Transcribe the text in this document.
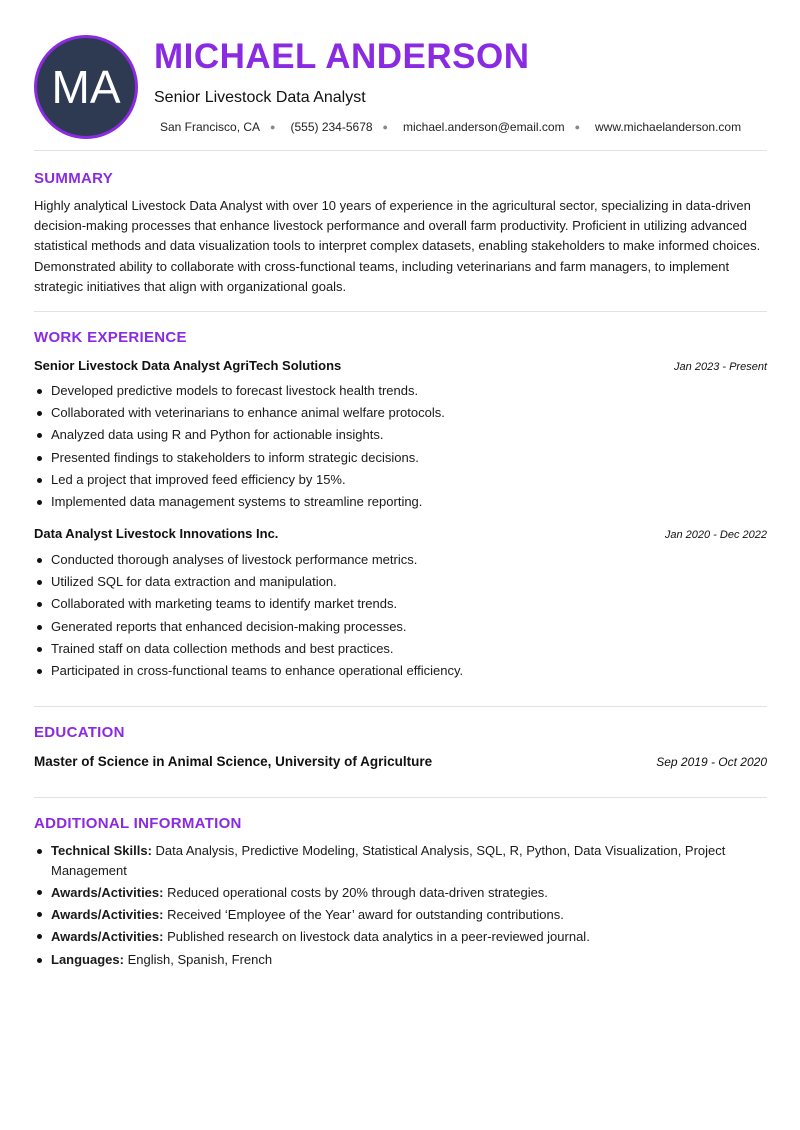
MA
MICHAEL ANDERSON
Senior Livestock Data Analyst
San Francisco, CA ● (555) 234-5678 ● michael.anderson@email.com ● www.michaelanderson.com
SUMMARY

Highly analytical Livestock Data Analyst with over 10 years of experience in the agricultural sector, specializing in data-driven decision-making processes that enhance livestock performance and overall farm productivity. Proficient in utilizing advanced statistical methods and data visualization tools to interpret complex datasets, enabling stakeholders to make informed choices. Demonstrated ability to collaborate with cross-functional teams, including veterinarians and farm managers, to implement strategic initiatives that align with organizational goals.

WORK EXPERIENCE
Senior Livestock Data Analyst AgriTech Solutions	Jan 2023 - Present
Developed predictive models to forecast livestock health trends.
Collaborated with veterinarians to enhance animal welfare protocols.
Analyzed data using R and Python for actionable insights.
Presented findings to stakeholders to inform strategic decisions.
Led a project that improved feed efficiency by 15%.
Implemented data management systems to streamline reporting.
Data Analyst Livestock Innovations Inc.	Jan 2020 - Dec 2022
Conducted thorough analyses of livestock performance metrics.
Utilized SQL for data extraction and manipulation.
Collaborated with marketing teams to identify market trends.
Generated reports that enhanced decision-making processes.
Trained staff on data collection methods and best practices.
Participated in cross-functional teams to enhance operational efficiency.
EDUCATION
Master of Science in Animal Science, University of Agriculture	Sep 2019 - Oct 2020
ADDITIONAL INFORMATION
Technical Skills: Data Analysis, Predictive Modeling, Statistical Analysis, SQL, R, Python, Data Visualization, Project Management
Awards/Activities: Reduced operational costs by 20% through data-driven strategies.
Awards/Activities: Received ‘Employee of the Year’ award for outstanding contributions.
Awards/Activities: Published research on livestock data analytics in a peer-reviewed journal.
Languages: English, Spanish, French
